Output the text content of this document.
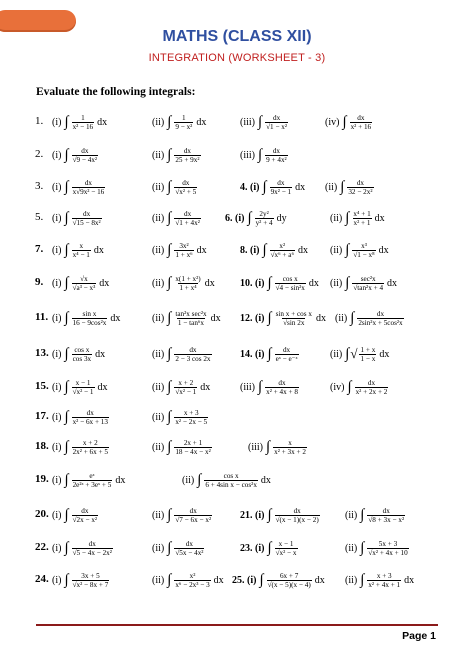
MATHS (CLASS XII)
INTEGRATION (WORKSHEET - 3)
Evaluate the following integrals:
1. (i) ∫ $\frac{1}{\text{x² − 16}}$ dx	(ii) ∫ $\frac{1}{\text{9 − x²}}$ dx	(iii) ∫ $\frac{dx}{\text{√1 − x²}}$	(iv) ∫ $\frac{dx}{\text{x² + 16}}$
2. (i) ∫ $\frac{dx}{\text{√9 − 4x²}}$	(ii) ∫ $\frac{dx}{\text{25 + 9x²}}$	(iii) ∫ $\frac{dx}{\text{9 + 4x²}}$
3. (i) ∫ $\frac{dx}{\text{x√9x² − 16}}$	(ii) ∫ $\frac{dx}{\text{√x² + 5}}$	4. (i) ∫ $\frac{dx}{\text{9x² − 1}}$ dx (ii) ∫ $\frac{dx}{\text{32 − 2x²}}$
5. (i) ∫ $\frac{dx}{\text{√15 − 8x²}}$	(ii) ∫ $\frac{dx}{\text{√1 + 4x²}} 6$. (i) ∫ $\frac{\text{2y²}}{\text{y² + 4}}$ dy	(ii) ∫ $\frac{\text{x⁴ + 1}}{\text{x² + 1}}$ dx
7. (i) ∫ $\frac{x}{\text{x⁴ − 1}}$ dx	(ii) ∫ $\frac{\text{3x²}}{\text{1 + x⁶}}$ dx	8. (i) ∫ $\frac{\text{x²}}{\text{√x⁶ + a⁶}}$ dx (ii) ∫ $\frac{\text{x³}}{\text{√1 − x⁸}}$ dx
9. (i) ∫ $\frac{√x}{\text{√a³ − x³}}$ dx	(ii) ∫ $\frac{\text{x(1 + x²)}}{\text{1 + x⁴}}$ dx	10. (i) ∫ $\frac{\text{cos x}}{\text{√4 − sin²x}}$ dx (ii) ∫ $\frac{\text{sec²x}}{\text{√tan²x + 4}}$ dx
11. (i) ∫ $\frac{\text{sin x}}{\text{16 − 9cos²x}}$ dx	(ii) ∫ $\frac{\text{tan²x sec²x}}{\text{1 − tan⁶x}}$ dx 12. (i) ∫ $\frac{\text{sin x + cos x}}{√\sin 2x}$ dx (ii) ∫ $\frac{dx}{\text{2sin²x + 5cos²x}}$
13. (i) ∫ $\frac{\text{cos x}}{\cos 3x}$ dx	(ii) ∫ $\frac{dx}{2 - 3 \cos 2x}$	14. (i) ∫ $\frac{dx}{\text{eˣ − e⁻ˣ}}$	(ii) ∫ √ $\frac{1 + x}{1 - x}$ dx
15. (i) ∫ $\frac{x - 1}{\text{√x² − 1}}$ dx	(ii) ∫ $\frac{x + 2}{\text{√x² − 1}}$ dx	(iii) ∫ $\frac{dx}{\text{x² + 4x + 8}}$	(iv) ∫ $\frac{dx}{\text{x² + 2x + 2}}$
17. (i) ∫ $\frac{dx}{\text{x² − 6x + 13}}$	(ii) ∫ $\frac{x + 3}{\text{x² − 2x − 5}}$
18. (i) ∫ $\frac{x + 2}{\text{2x² + 6x + 5}}$	(ii) ∫ $\frac{2x + 1}{\text{18 − 4x − x²}}$	(iii) ∫ $\frac{x}{\text{x² + 3x + 2}}$
19. (i) ∫ $\frac{\text{eˣ}}{\text{2e²ˣ + 3eˣ + 5}}$ dx	(ii) ∫ $\frac{\text{cos x}}{\text{6 + 4sin x − cos²x}}$ dx
20. (i) ∫ $\frac{dx}{\text{√2x − x²}}$	(ii) ∫ $\frac{dx}{\text{√7 − 6x − x²}}$	21. (i) ∫ $\frac{dx}{√(x - 1)(x - 2)}$	(ii) ∫ $\frac{dx}{\text{√8 + 3x − x²}}$
22. (i) ∫ $\frac{dx}{\text{√5 − 4x − 2x²}}$	(ii) ∫ $\frac{dx}{\text{√5x − 4x²}}$	23. (i) ∫ $\frac{x - 1}{\text{√x² − x}}$	(ii) ∫ $\frac{5x + 3}{\text{√x² + 4x + 10}}$
24. (i) ∫ $\frac{3x + 5}{\text{√x² − 8x + 7}}$	(ii) ∫ $\frac{\text{x²}}{\text{x⁶ − 2x³ − 3}}$ dx 25. (i) ∫ $\frac{6x + 7}{√(x - 5)(x - 4)}$ dx (ii) ∫ $\frac{x + 3}{\text{x² + 4x + 1}}$ dx
Page 1
